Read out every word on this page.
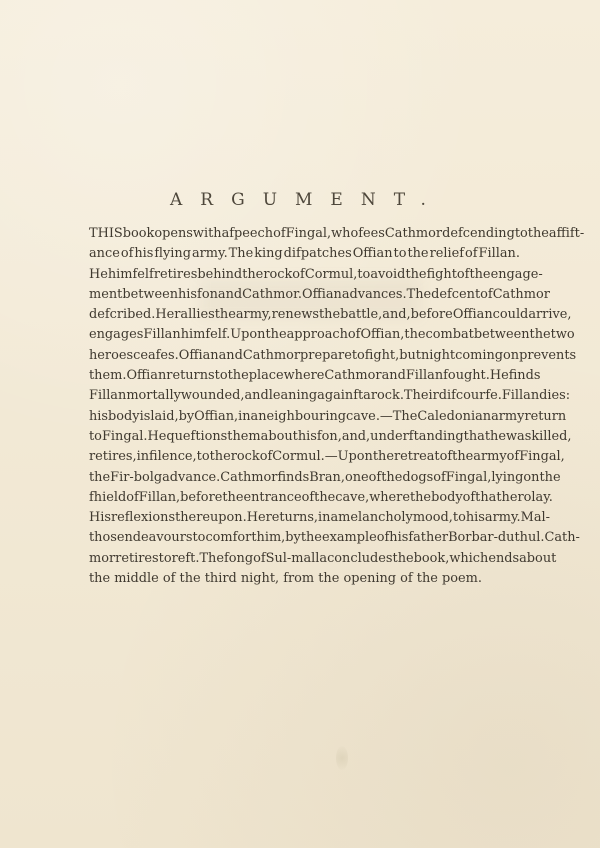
ARGUMENT.
THIS book opens with a fpeech of Fingal, who fees Cathmor defcending to the affift-
ance of his flying army. The king difpatches Offian to the relief of Fillan.
He himfelf retires behind the rock of Cormul, to avoid the fight of the engage-
ment between his fon and Cathmor. Offian advances. The defcent of Cathmor
defcribed. He rallies the army, renews the battle, and, before Offian could arrive,
engages Fillan himfelf. Upon the approach of Offian, the combat between the two
heroes ceafes. Offian and Cathmor prepare to fight, but night coming on prevents
them. Offian returns to the place where Cathmor and Fillan fought. He finds
Fillan mortally wounded, and leaning againft a rock. Their difcourfe. Fillan dies:
his body is laid, by Offian, in a neighbouring cave.—The Caledonian army return
to Fingal. He queftions them about his fon, and, underftanding that he was killed,
retires, in filence, to the rock of Cormul.—Upon the retreat of the army of Fingal,
the Fir-bolg advance. Cathmor finds Bran, one of the dogs of Fingal, lying on the
fhield of Fillan, before the entrance of the cave, where the body of that hero lay.
His reflexions thereupon. He returns, in a melancholy mood, to his army. Mal-
thos endeavours to comfort him, by the example of his father Borbar-duthul. Cath-
mor retires to reft. The fong of Sul-malla concludes the book, which ends about
the middle of the third night, from the opening of the poem.
